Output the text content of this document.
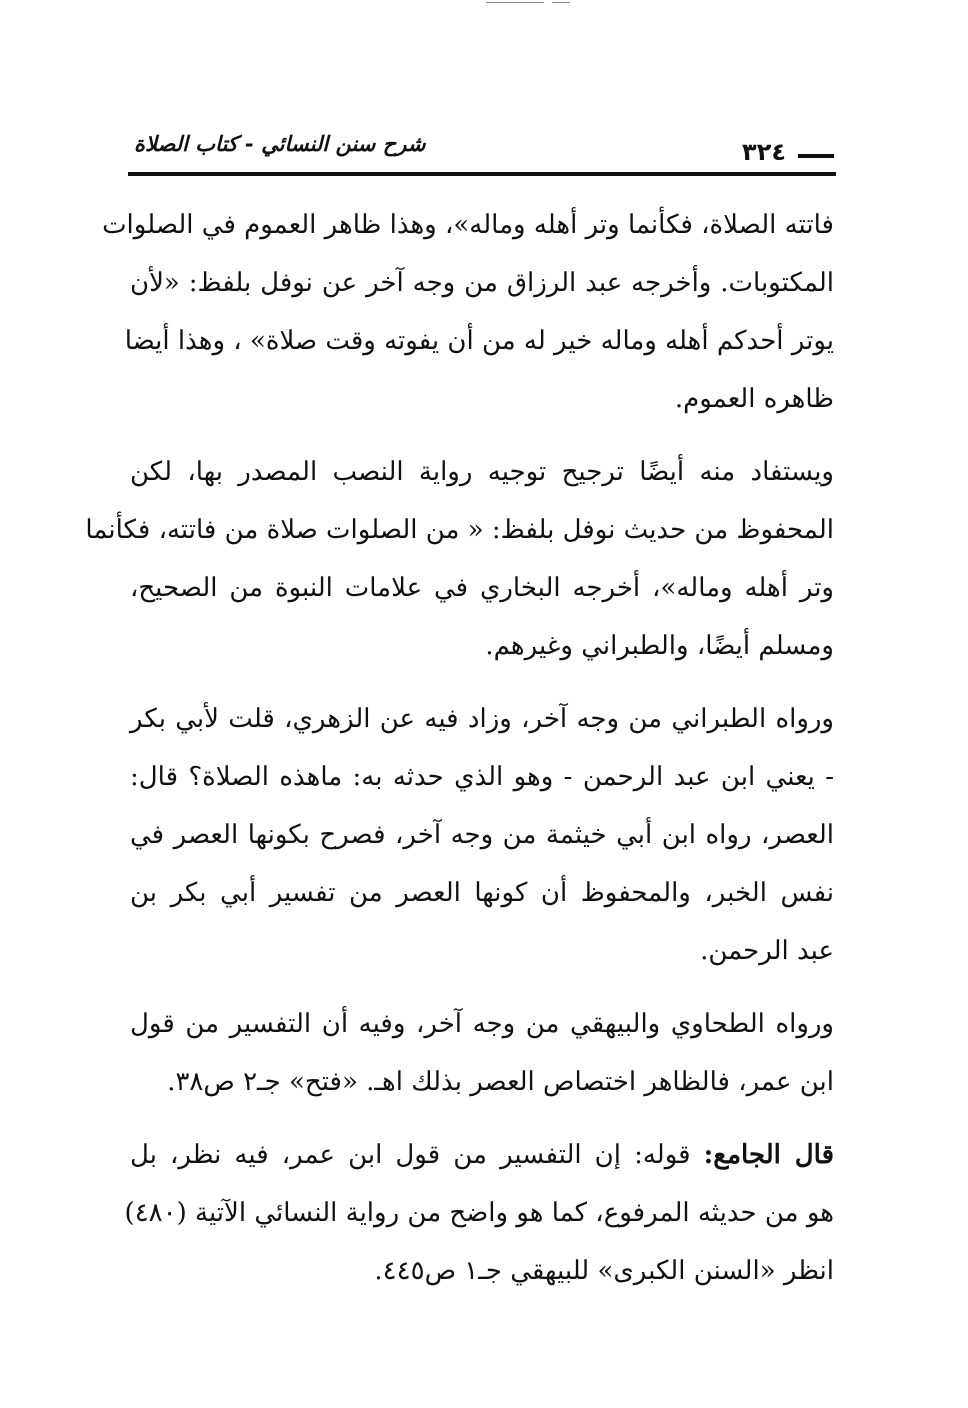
شرح سنن النسائي - كتاب الصلاة	٣٢٤
فاتته الصلاة، فكأنما وتر أهله وماله»، وهذا ظاهر العموم في الصلوات
المكتوبات. وأخرجه عبد الرزاق من وجه آخر عن نوفل بلفظ: «لأن
يوتر أحدكم أهله وماله خير له من أن يفوته وقت صلاة» ، وهذا أيضا
ظاهره العموم.
ويستفاد منه أيضًا ترجيح توجيه رواية النصب المصدر بها، لكن
المحفوظ من حديث نوفل بلفظ: « من الصلوات صلاة من فاتته، فكأنما
وتر أهله وماله»، أخرجه البخاري في علامات النبوة من الصحيح،
ومسلم أيضًا، والطبراني وغيرهم.
ورواه الطبراني من وجه آخر، وزاد فيه عن الزهري، قلت لأبي بكر
- يعني ابن عبد الرحمن - وهو الذي حدثه به: ماهذه الصلاة؟ قال:
العصر، رواه ابن أبي خيثمة من وجه آخر، فصرح بكونها العصر في
نفس الخبر، والمحفوظ أن كونها العصر من تفسير أبي بكر بن
عبد الرحمن.
ورواه الطحاوي والبيهقي من وجه آخر، وفيه أن التفسير من قول
ابن عمر، فالظاهر اختصاص العصر بذلك اهـ. «فتح» جـ٢ ص٣٨.
قال الجامع: قوله: إن التفسير من قول ابن عمر، فيه نظر، بل
هو من حديثه المرفوع، كما هو واضح من رواية النسائي الآتية (٤٨٠)
انظر «السنن الكبرى» للبيهقي جـ١ ص٤٤٥.
